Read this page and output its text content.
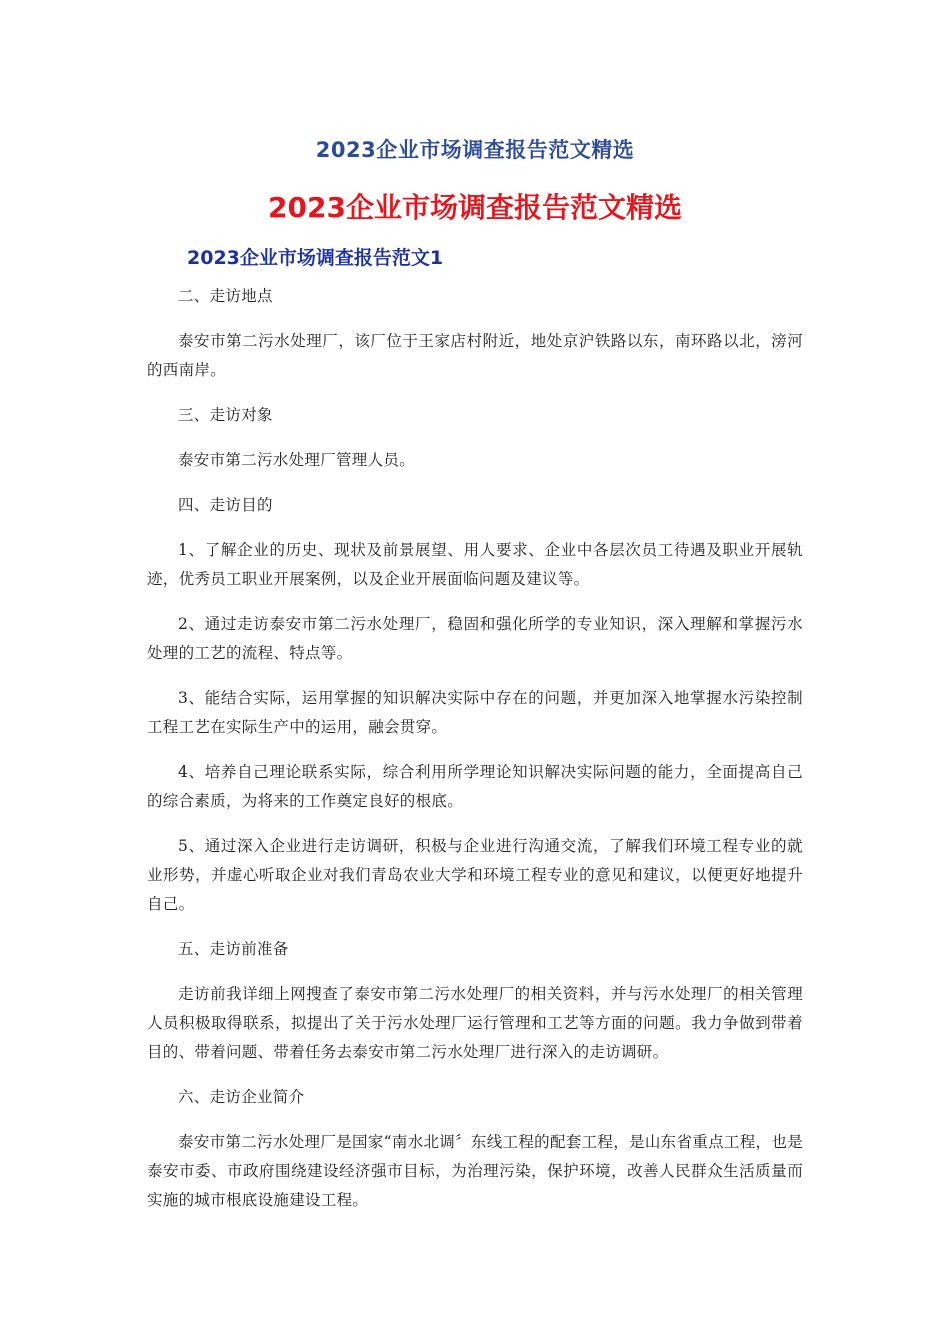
2023企业市场调查报告范文精选
2023企业市场调查报告范文精选
2023企业市场调查报告范文1

二、走访地点

泰安市第二污水处理厂，该厂位于王家店村附近，地处京沪铁路以东，南环路以北，滂河的西南岸。

三、走访对象

泰安市第二污水处理厂管理人员。

四、走访目的

1、了解企业的历史、现状及前景展望、用人要求、企业中各层次员工待遇及职业开展轨迹，优秀员工职业开展案例，以及企业开展面临问题及建议等。

2、通过走访泰安市第二污水处理厂，稳固和强化所学的专业知识，深入理解和掌握污水处理的工艺的流程、特点等。

3、能结合实际，运用掌握的知识解决实际中存在的问题，并更加深入地掌握水污染控制工程工艺在实际生产中的运用，融会贯穿。

4、培养自己理论联系实际，综合利用所学理论知识解决实际问题的能力，全面提高自己的综合素质，为将来的工作奠定良好的根底。

5、通过深入企业进行走访调研，积极与企业进行沟通交流，了解我们环境工程专业的就业形势，并虚心听取企业对我们青岛农业大学和环境工程专业的意见和建议，以便更好地提升自己。

五、走访前准备

走访前我详细上网搜查了泰安市第二污水处理厂的相关资料，并与污水处理厂的相关管理人员积极取得联系，拟提出了关于污水处理厂运行管理和工艺等方面的问题。我力争做到带着目的、带着问题、带着任务去泰安市第二污水处理厂进行深入的走访调研。

六、走访企业简介

泰安市第二污水处理厂是国家“南水北调〞东线工程的配套工程，是山东省重点工程，也是泰安市委、市政府围绕建设经济强市目标，为治理污染，保护环境，改善人民群众生活质量而实施的城市根底设施建设工程。
